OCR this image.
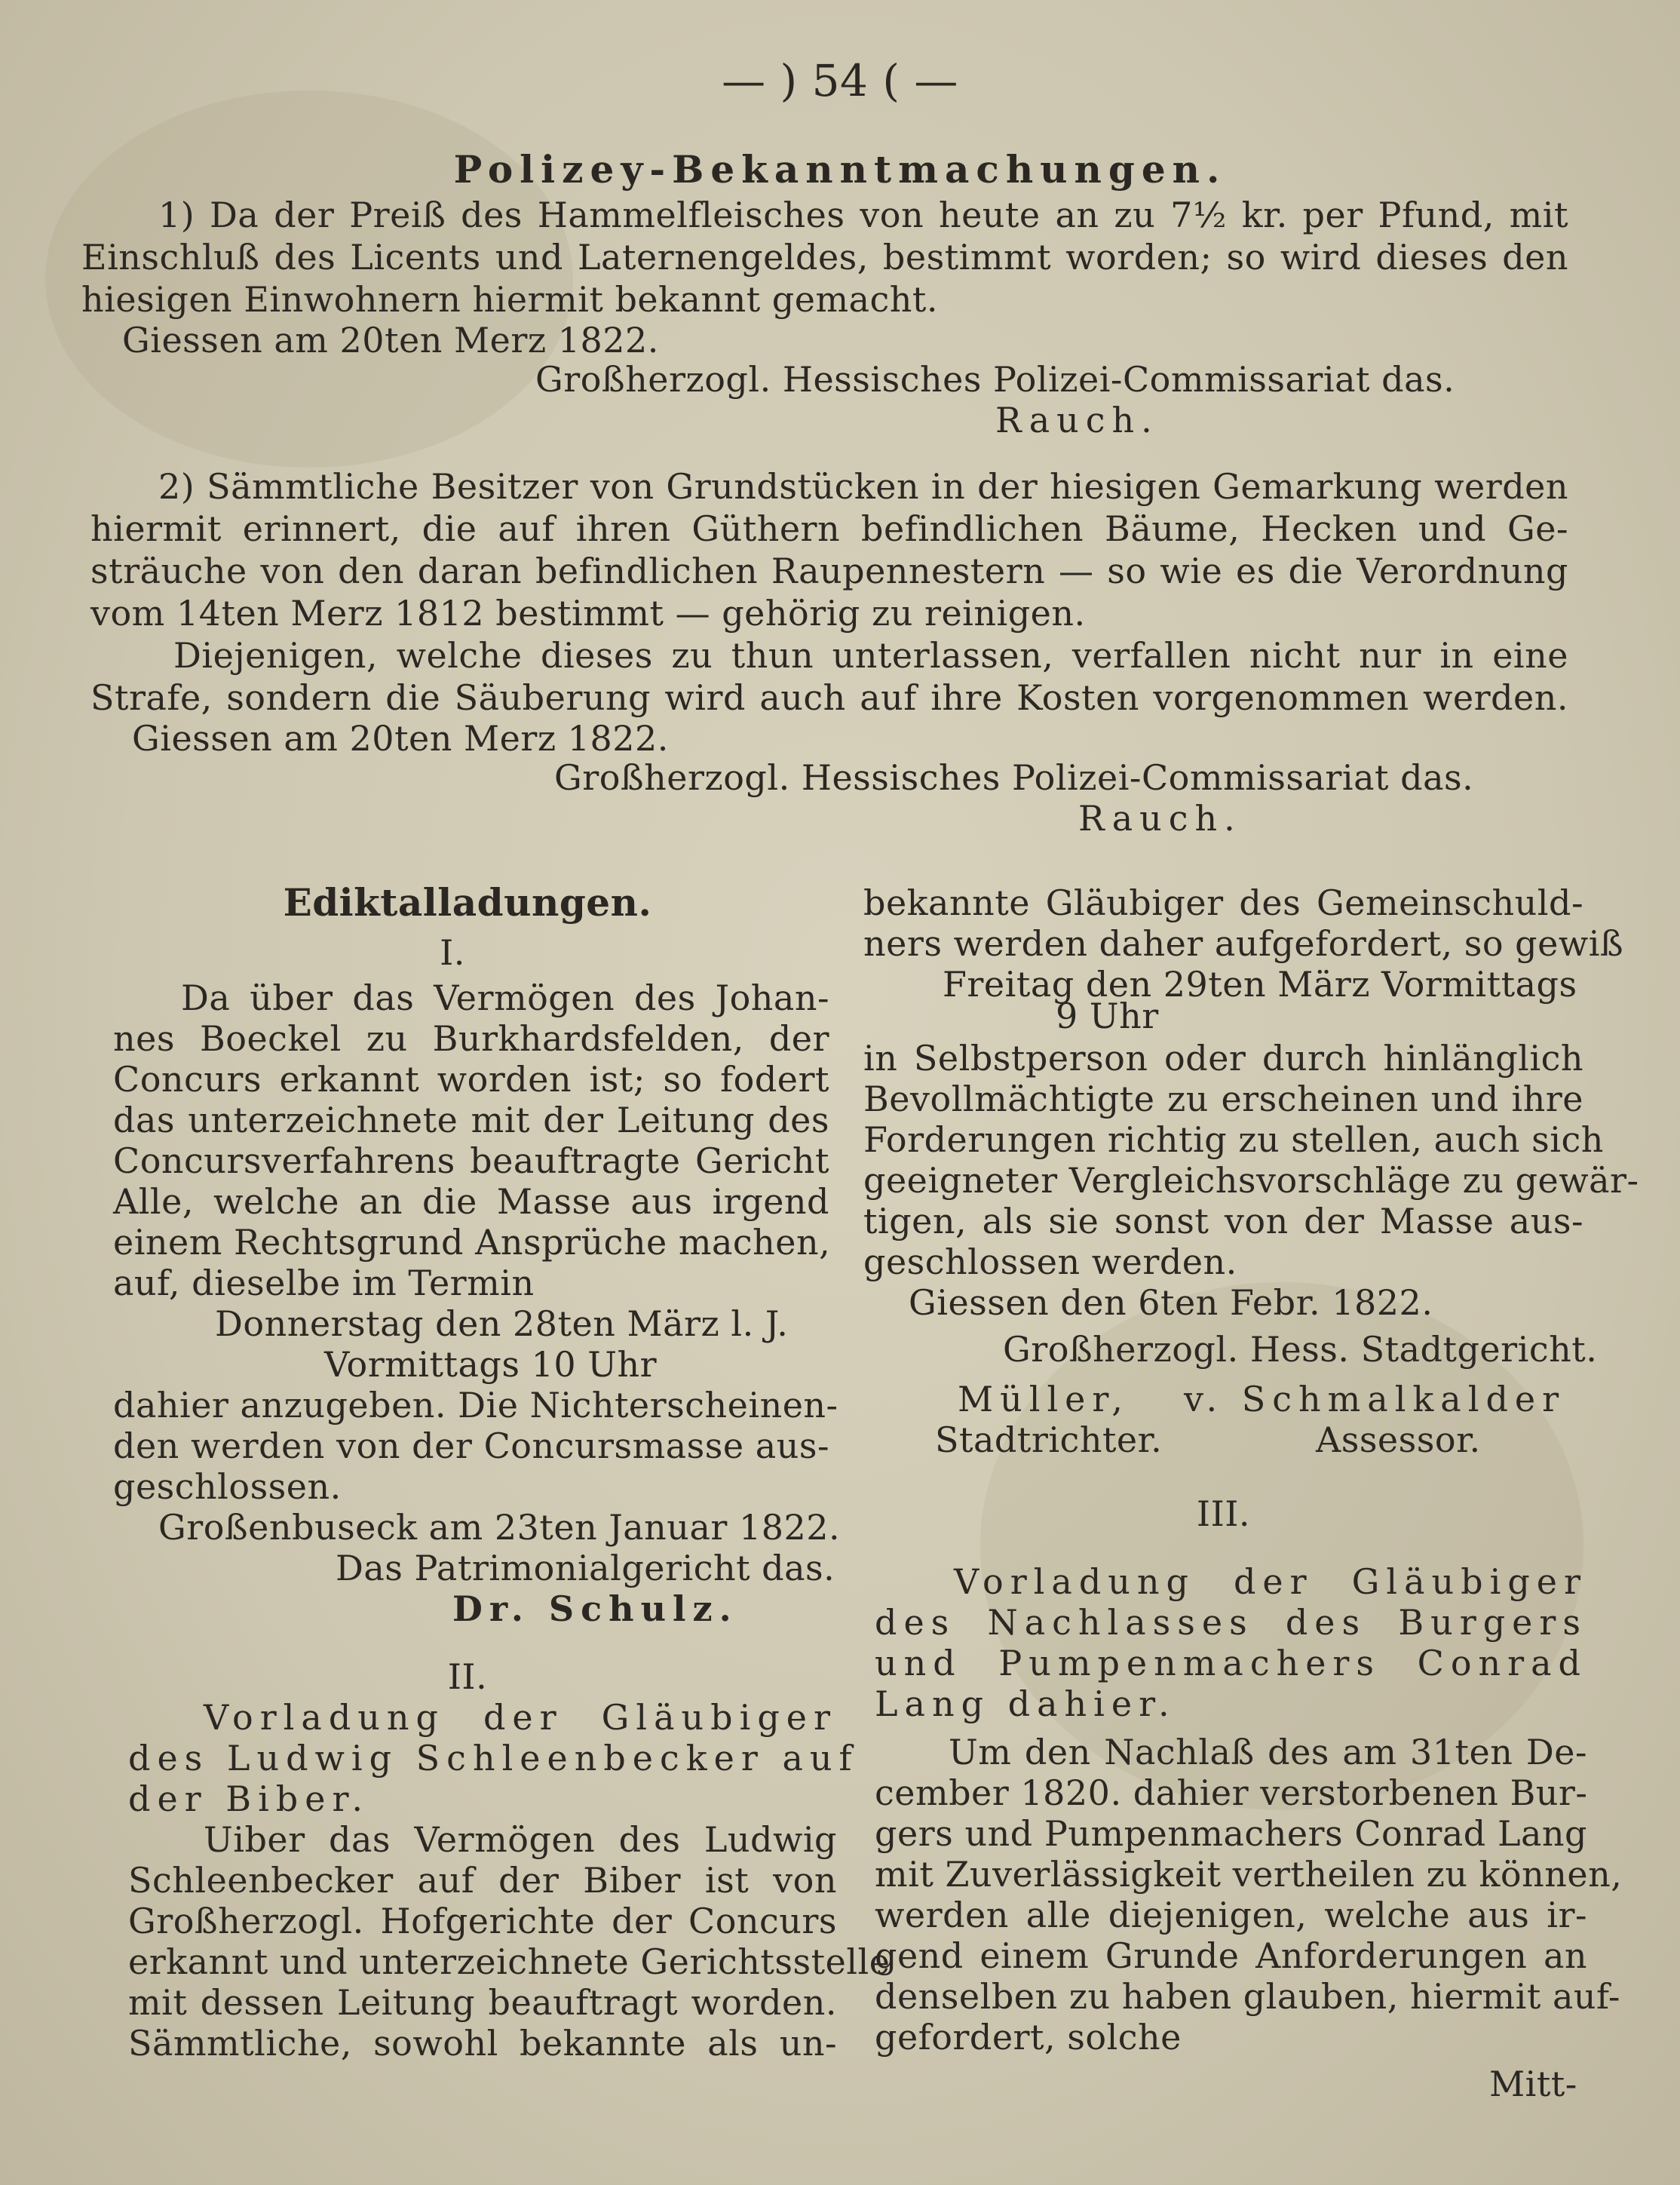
— ) 54 ( —
Polizey-Bekanntmachungen.
1) Da der Preiß des Hammelfleisches von heute an zu 7½ kr. per Pfund, mit
Einschluß des Licents und Laternengeldes, bestimmt worden; so wird dieses den
hiesigen Einwohnern hiermit bekannt gemacht.
Giessen am 20ten Merz 1822.
Großherzogl. Hessisches Polizei-Commissariat das.
Rauch.
2) Sämmtliche Besitzer von Grundstücken in der hiesigen Gemarkung werden
hiermit erinnert, die auf ihren Güthern befindlichen Bäume, Hecken und Ge-
sträuche von den daran befindlichen Raupennestern — so wie es die Verordnung
vom 14ten Merz 1812 bestimmt — gehörig zu reinigen.
Diejenigen, welche dieses zu thun unterlassen, verfallen nicht nur in eine
Strafe, sondern die Säuberung wird auch auf ihre Kosten vorgenommen werden.
Giessen am 20ten Merz 1822.
Großherzogl. Hessisches Polizei-Commissariat das.
Rauch.
Ediktalladungen.
I.
Da über das Vermögen des Johan-
nes Boeckel zu Burkhardsfelden, der
Concurs erkannt worden ist; so fodert
das unterzeichnete mit der Leitung des
Concursverfahrens beauftragte Gericht
Alle, welche an die Masse aus irgend
einem Rechtsgrund Ansprüche machen,
auf, dieselbe im Termin
Donnerstag den 28ten März l. J.
Vormittags 10 Uhr
dahier anzugeben. Die Nichterscheinen-
den werden von der Concursmasse aus-
geschlossen.
Großenbuseck am 23ten Januar 1822.
Das Patrimonialgericht das.
Dr. Schulz.
II.
Vorladung der Gläubiger
des Ludwig Schleenbecker auf
der Biber.
Uiber das Vermögen des Ludwig
Schleenbecker auf der Biber ist von
Großherzogl. Hofgerichte der Concurs
erkannt und unterzeichnete Gerichtsstelle
mit dessen Leitung beauftragt worden.
Sämmtliche, sowohl bekannte als un-
bekannte Gläubiger des Gemeinschuld-
ners werden daher aufgefordert, so gewiß
Freitag den 29ten März Vormittags
9 Uhr
in Selbstperson oder durch hinlänglich
Bevollmächtigte zu erscheinen und ihre
Forderungen richtig zu stellen, auch sich
geeigneter Vergleichsvorschläge zu gewär-
tigen, als sie sonst von der Masse aus-
geschlossen werden.
Giessen den 6ten Febr. 1822.
Großherzogl. Hess. Stadtgericht.
Müller, v. Schmalkalder
Stadtrichter.	Assessor.
III.
Vorladung der Gläubiger
des Nachlasses des Burgers
und Pumpenmachers Conrad
Lang dahier.
Um den Nachlaß des am 31ten De-
cember 1820. dahier verstorbenen Bur-
gers und Pumpenmachers Conrad Lang
mit Zuverlässigkeit vertheilen zu können,
werden alle diejenigen, welche aus ir-
gend einem Grunde Anforderungen an
denselben zu haben glauben, hiermit auf-
gefordert, solche
Mitt-
